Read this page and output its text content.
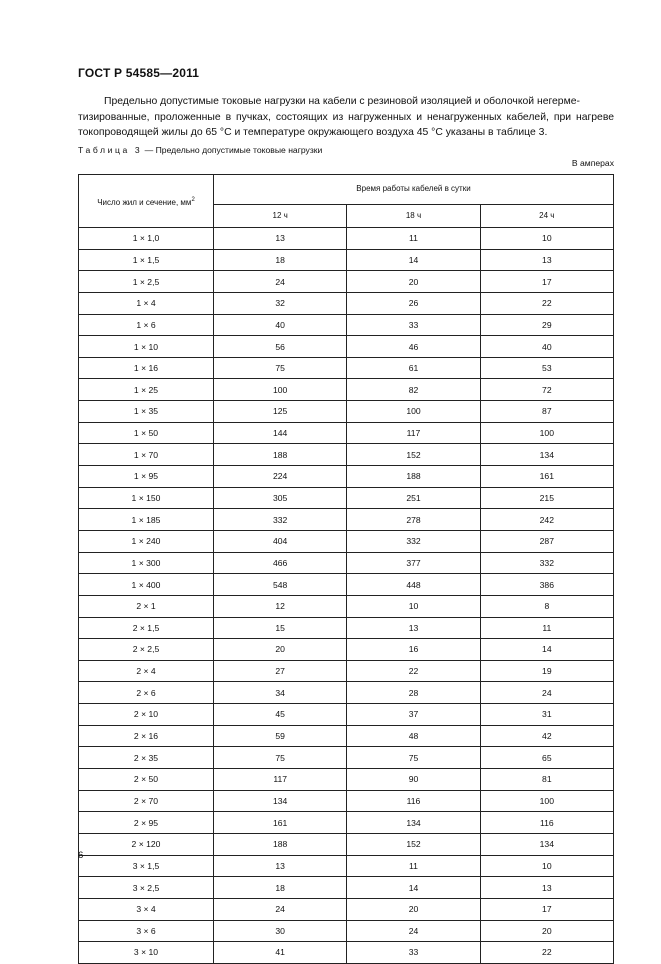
ГОСТ Р 54585—2011

Предельно допустимые токовые нагрузки на кабели с резиновой изоляцией и оболочкой негерме-

тизированные, проложенные в пучках, состоящих из нагруженных и ненагруженных кабелей, при нагреве токопроводящей жилы до 65 °С и температуре окружающего воздуха 45 °С указаны в таблице 3.

Таблица 3 — Предельно допустимые токовые нагрузки
В амперах
Число жил и сечение, $мм^2$	Время работы кабелей в сутки		
	12 ч	18 ч	24 ч
1 × 1,0	13	11	10
1 × 1,5	18	14	13
1 × 2,5	24	20	17
1 × 4	32	26	22
1 × 6	40	33	29
1 × 10	56	46	40
1 × 16	75	61	53
1 × 25	100	82	72
1 × 35	125	100	87
1 × 50	144	117	100
1 × 70	188	152	134
1 × 95	224	188	161
1 × 150	305	251	215
1 × 185	332	278	242
1 × 240	404	332	287
1 × 300	466	377	332
1 × 400	548	448	386
2 × 1	12	10	8
2 × 1,5	15	13	11
2 × 2,5	20	16	14
2 × 4	27	22	19
2 × 6	34	28	24
2 × 10	45	37	31
2 × 16	59	48	42
2 × 35	75	75	65
2 × 50	117	90	81
2 × 70	134	116	100
2 × 95	161	134	116
2 × 120	188	152	134
3 × 1,5	13	11	10
3 × 2,5	18	14	13
3 × 4	24	20	17
3 × 6	30	24	20
3 × 10	41	33	22
6
